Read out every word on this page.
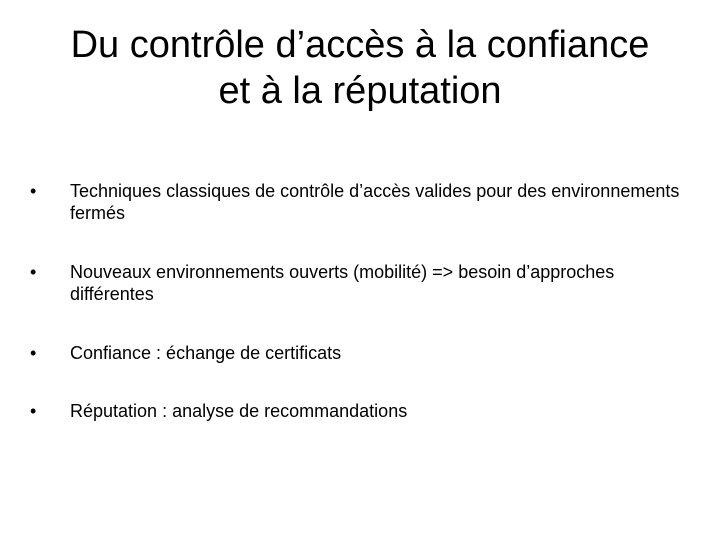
Du contrôle d’accès à la confiance
et à la réputation
•	Techniques classiques de contrôle d’accès valides pour des environnements fermés
•	Nouveaux environnements ouverts (mobilité) => besoin d’approches différentes
•	Confiance : échange de certificats
•	Réputation : analyse de recommandations
